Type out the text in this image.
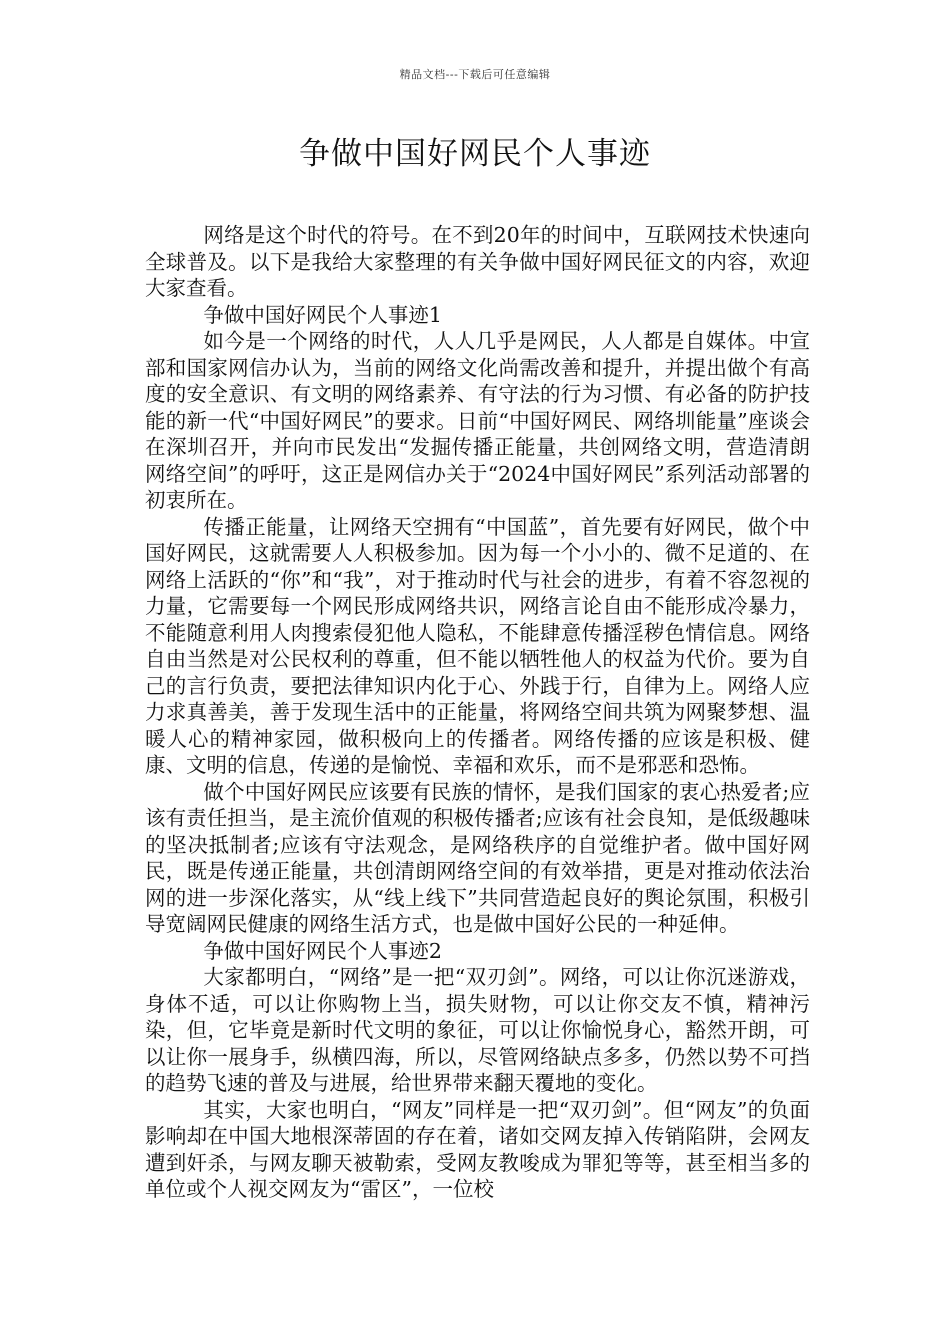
精品文档---下载后可任意编辑
争做中国好网民个人事迹

网络是这个时代的符号。在不到20年的时间中，互联网技术快速向全球普及。以下是我给大家整理的有关争做中国好网民征文的内容，欢迎大家查看。

争做中国好网民个人事迹1

如今是一个网络的时代，人人几乎是网民，人人都是自媒体。中宣部和国家网信办认为，当前的网络文化尚需改善和提升，并提出做个有高度的安全意识、有文明的网络素养、有守法的行为习惯、有必备的防护技能的新一代“中国好网民”的要求。日前“中国好网民、网络圳能量”座谈会在深圳召开，并向市民发出“发掘传播正能量，共创网络文明，营造清朗网络空间”的呼吁，这正是网信办关于“2024中国好网民”系列活动部署的初衷所在。

传播正能量，让网络天空拥有“中国蓝”，首先要有好网民，做个中国好网民，这就需要人人积极参加。因为每一个小小的、微不足道的、在网络上活跃的“你”和“我”，对于推动时代与社会的进步，有着不容忽视的力量，它需要每一个网民形成网络共识，网络言论自由不能形成冷暴力，不能随意利用人肉搜索侵犯他人隐私，不能肆意传播淫秽色情信息。网络自由当然是对公民权利的尊重，但不能以牺牲他人的权益为代价。要为自己的言行负责，要把法律知识内化于心、外践于行，自律为上。网络人应力求真善美，善于发现生活中的正能量，将网络空间共筑为网聚梦想、温暖人心的精神家园，做积极向上的传播者。网络传播的应该是积极、健康、文明的信息，传递的是愉悦、幸福和欢乐，而不是邪恶和恐怖。

做个中国好网民应该要有民族的情怀，是我们国家的衷心热爱者;应该有责任担当，是主流价值观的积极传播者;应该有社会良知，是低级趣味的坚决抵制者;应该有守法观念，是网络秩序的自觉维护者。做中国好网民，既是传递正能量，共创清朗网络空间的有效举措，更是对推动依法治网的进一步深化落实，从“线上线下”共同营造起良好的舆论氛围，积极引导宽阔网民健康的网络生活方式，也是做中国好公民的一种延伸。

争做中国好网民个人事迹2

大家都明白，“网络”是一把“双刃剑”。网络，可以让你沉迷游戏，身体不适，可以让你购物上当，损失财物，可以让你交友不慎，精神污染，但，它毕竟是新时代文明的象征，可以让你愉悦身心，豁然开朗，可以让你一展身手，纵横四海，所以，尽管网络缺点多多，仍然以势不可挡的趋势飞速的普及与进展，给世界带来翻天覆地的变化。

其实，大家也明白，“网友”同样是一把“双刃剑”。但“网友”的负面影响却在中国大地根深蒂固的存在着，诸如交网友掉入传销陷阱，会网友遭到奸杀，与网友聊天被勒索，受网友教唆成为罪犯等等，甚至相当多的单位或个人视交网友为“雷区”，一位校
